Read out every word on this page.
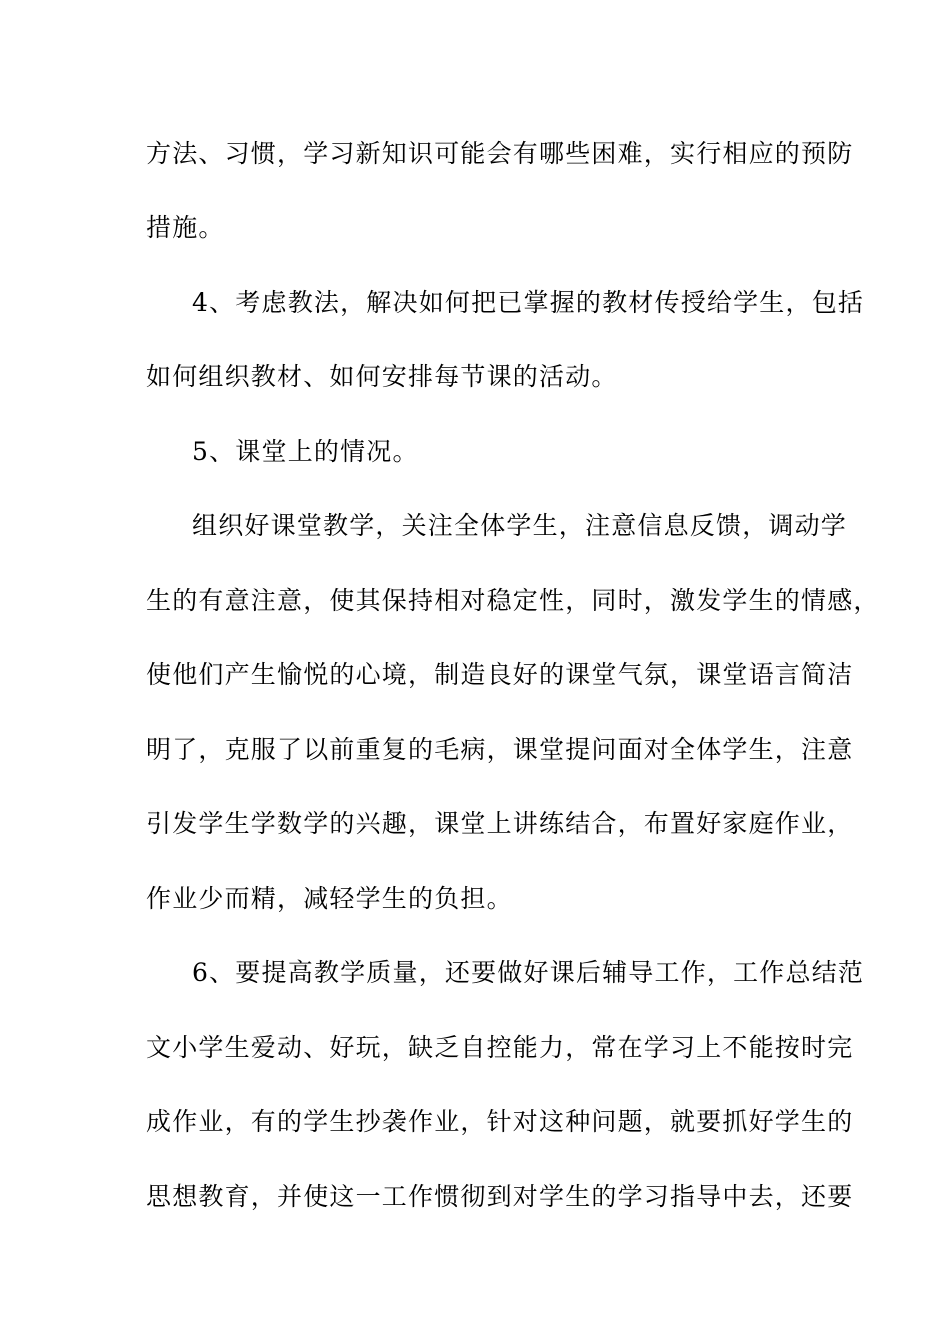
方法、习惯，学习新知识可能会有哪些困难，实行相应的预防
措施。
4、考虑教法，解决如何把已掌握的教材传授给学生，包括
如何组织教材、如何安排每节课的活动。
5、课堂上的情况。
组织好课堂教学，关注全体学生，注意信息反馈，调动学
生的有意注意，使其保持相对稳定性，同时，激发学生的情感，
使他们产生愉悦的心境，制造良好的课堂气氛，课堂语言简洁
明了，克服了以前重复的毛病，课堂提问面对全体学生，注意
引发学生学数学的兴趣，课堂上讲练结合，布置好家庭作业，
作业少而精，减轻学生的负担。
6、要提高教学质量，还要做好课后辅导工作，工作总结范
文小学生爱动、好玩，缺乏自控能力，常在学习上不能按时完
成作业，有的学生抄袭作业，针对这种问题，就要抓好学生的
思想教育，并使这一工作惯彻到对学生的学习指导中去，还要
